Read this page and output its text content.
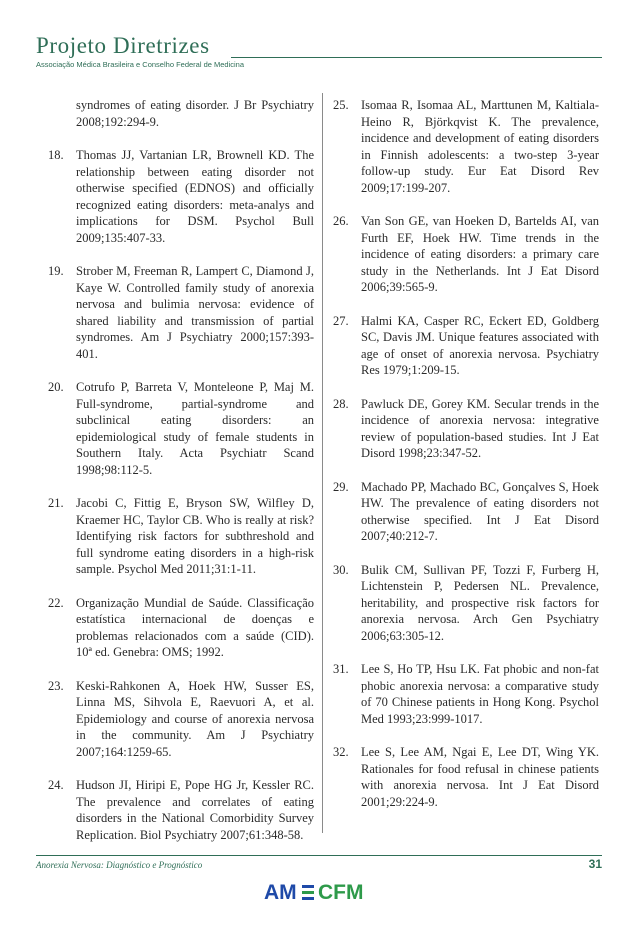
Projeto Diretrizes
Associação Médica Brasileira e Conselho Federal de Medicina
syndromes of eating disorder. J Br Psychiatry 2008;192:294-9.
18. Thomas JJ, Vartanian LR, Brownell KD. The relationship between eating disorder not otherwise specified (EDNOS) and officially recognized eating disorders: meta-analys and implications for DSM. Psychol Bull 2009;135:407-33.
19. Strober M, Freeman R, Lampert C, Diamond J, Kaye W. Controlled family study of anorexia nervosa and bulimia nervosa: evidence of shared liability and transmission of partial syndromes. Am J Psychiatry 2000;157:393-401.
20. Cotrufo P, Barreta V, Monteleone P, Maj M. Full-syndrome, partial-syndrome and subclinical eating disorders: an epidemiological study of female students in Southern Italy. Acta Psychiatr Scand 1998;98:112-5.
21. Jacobi C, Fittig E, Bryson SW, Wilfley D, Kraemer HC, Taylor CB. Who is really at risk? Identifying risk factors for subthreshold and full syndrome eating disorders in a high-risk sample. Psychol Med 2011;31:1-11.
22. Organização Mundial de Saúde. Classificação estatística internacional de doenças e problemas relacionados com a saúde (CID). 10ª ed. Genebra: OMS; 1992.
23. Keski-Rahkonen A, Hoek HW, Susser ES, Linna MS, Sihvola E, Raevuori A, et al. Epidemiology and course of anorexia nervosa in the community. Am J Psychiatry 2007;164:1259-65.
24. Hudson JI, Hiripi E, Pope HG Jr, Kessler RC. The prevalence and correlates of eating disorders in the National Comorbidity Survey Replication. Biol Psychiatry 2007;61:348-58.
25. Isomaa R, Isomaa AL, Marttunen M, Kaltiala-Heino R, Björkqvist K. The prevalence, incidence and development of eating disorders in Finnish adolescents: a two-step 3-year follow-up study. Eur Eat Disord Rev 2009;17:199-207.
26. Van Son GE, van Hoeken D, Bartelds AI, van Furth EF, Hoek HW. Time trends in the incidence of eating disorders: a primary care study in the Netherlands. Int J Eat Disord 2006;39:565-9.
27. Halmi KA, Casper RC, Eckert ED, Goldberg SC, Davis JM. Unique features associated with age of onset of anorexia nervosa. Psychiatry Res 1979;1:209-15.
28. Pawluck DE, Gorey KM. Secular trends in the incidence of anorexia nervosa: integrative review of population-based studies. Int J Eat Disord 1998;23:347-52.
29. Machado PP, Machado BC, Gonçalves S, Hoek HW. The prevalence of eating disorders not otherwise specified. Int J Eat Disord 2007;40:212-7.
30. Bulik CM, Sullivan PF, Tozzi F, Furberg H, Lichtenstein P, Pedersen NL. Prevalence, heritability, and prospective risk factors for anorexia nervosa. Arch Gen Psychiatry 2006;63:305-12.
31. Lee S, Ho TP, Hsu LK. Fat phobic and non-fat phobic anorexia nervosa: a comparative study of 70 Chinese patients in Hong Kong. Psychol Med 1993;23:999-1017.
32. Lee S, Lee AM, Ngai E, Lee DT, Wing YK. Rationales for food refusal in chinese patients with anorexia nervosa. Int J Eat Disord 2001;29:224-9.
Anorexia Nervosa: Diagnóstico e Prognóstico	31
AM CFM
